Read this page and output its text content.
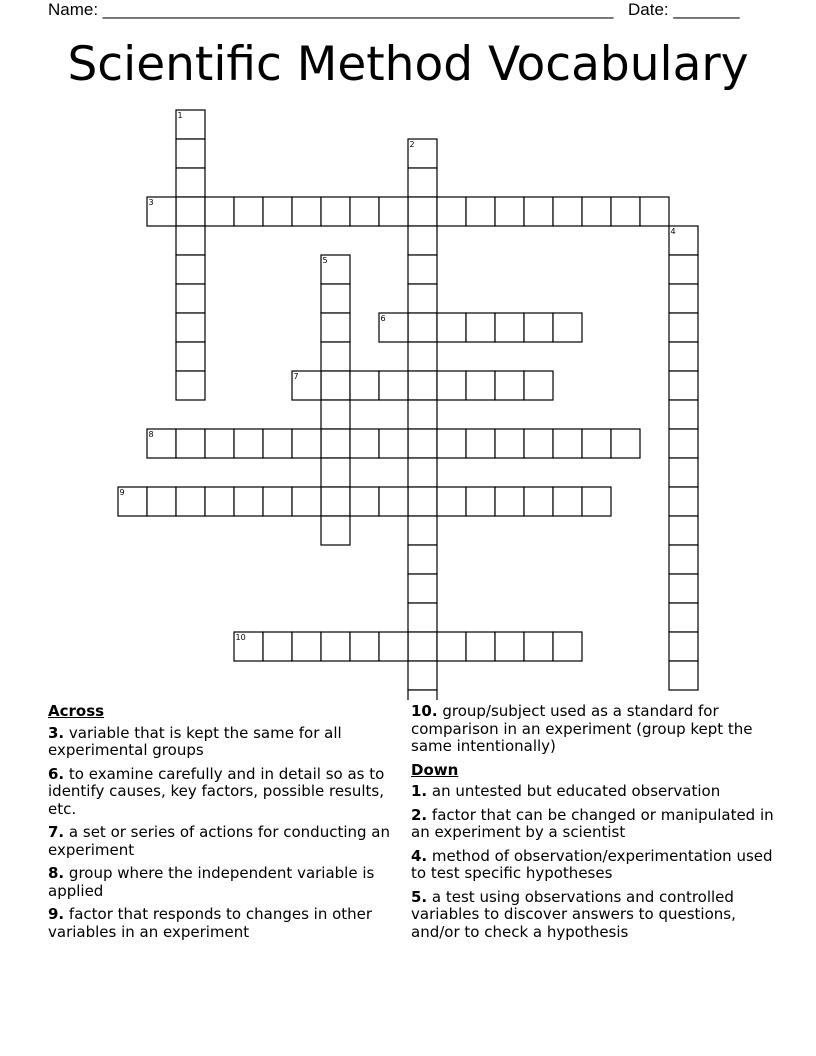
Name: ______________________________________________________ Date: _______
Scientific Method Vocabulary
1
2
3
4
5
6
7
8
9
10
Across
3. variable that is kept the same for all experimental groups
6. to examine carefully and in detail so as to identify causes, key factors, possible results, etc.
7. a set or series of actions for conducting an experiment
8. group where the independent variable is applied
9. factor that responds to changes in other variables in an experiment
10. group/subject used as a standard for comparison in an experiment (group kept the same intentionally)
Down
1. an untested but educated observation
2. factor that can be changed or manipulated in an experiment by a scientist
4. method of observation/experimentation used to test specific hypotheses
5. a test using observations and controlled variables to discover answers to questions, and/or to check a hypothesis
